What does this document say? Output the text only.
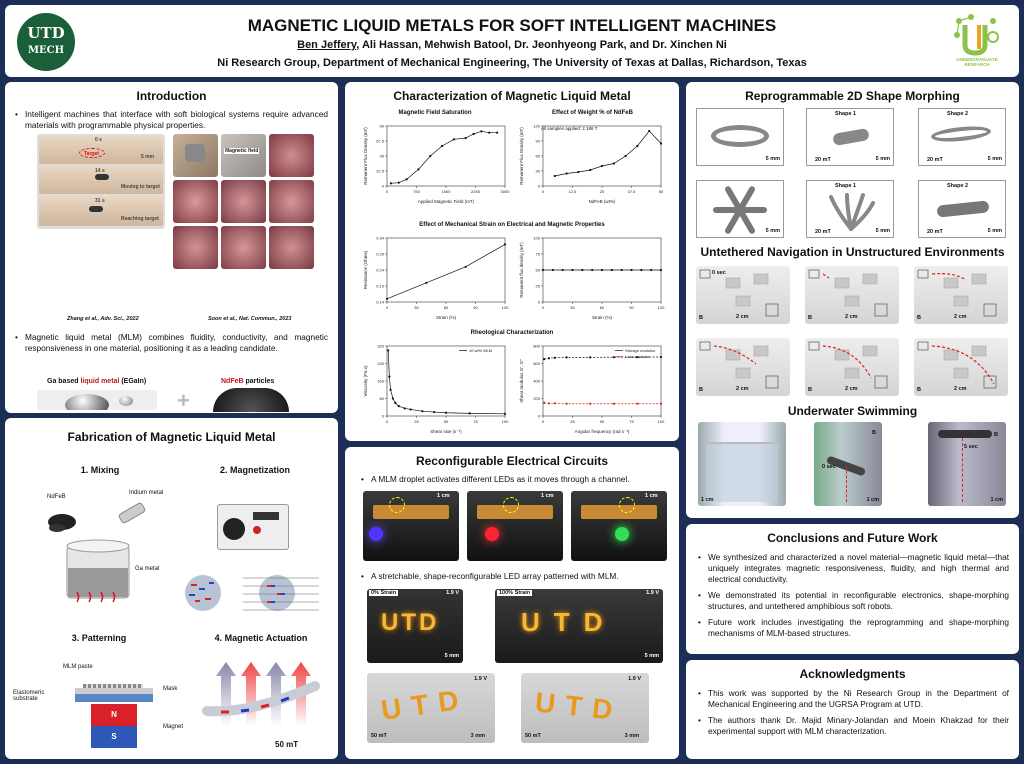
UTD
MECH
MAGNETIC LIQUID METALS FOR SOFT INTELLIGENT MACHINES
Ben Jeffery, Ali Hassan, Mehwish Batool, Dr. Jeonhyeong Park, and Dr. Xinchen Ni
Ni Research Group, Department of Mechanical Engineering, The University of Texas at Dallas, Richardson, Texas	UNDERGRADUATE RESEARCH
Introduction
• Intelligent machines that interface with soft biological systems require advanced materials with programmable physical properties.
0 s
Target
14 s
Moving to target
31 s
Reaching target
5 mm
Zhang et al., Adv. Sci., 2022
Magnetic field
Soon et al., Nat. Commun., 2023
• Magnetic liquid metal (MLM) combines fluidity, conductivity, and magnetic responsiveness in one material, positioning it as a leading candidate.
Ga based liquid metal (EGaIn)	NdFeB particles
+
Fabrication of Magnetic Liquid Metal
1. Mixing	2. Magnetization
NdFeB
Indium metal
Ga metal
3. Patterning	4. Magnetic Actuation
N
S
MLM paste
Mask
Elastomeric substrate
Magnet
50 mT
Characterization of Magnetic Liquid Metal
Magnetic Field Saturation	Effect of Weight % of NdFeB
0
0
750
22.5
1500
45
2250
67.5
3000
90
Applied Magnetic Field (mT)
Remanent Flux Density (mT)
0
0
12.5
30
25
60
37.5
90
50
120
NdFeB (wt%)
Remanent Flux Density (mT)	All samples applied: 2.186 T
Effect of Mechanical Strain on Electrical and Magnetic Properties
0
0.14
30
0.19
60
0.24
90
0.29
120
0.34
Strain (%)
Resistance (Ohms)
0
0
30
25
60
50
90
75
120
100
Strain (%)
Remanent flux density (mT)
Rheological Characterization
0
0
25
80
50
160
75
240
100
320
Shear rate (s⁻¹)
Viscosity (Pa.s)
10 wt% MLM
0
0
25
200
50
400
75
600
100
800
Angular frequency (rad s⁻¹)
Shear modulus G', G''
Storage modulus
Loss modulus
Reconfigurable Electrical Circuits
• A MLM droplet activates different LEDs as it moves through a channel.
1 cm	1 cm	1 cm
• A stretchable, shape-reconfigurable LED array patterned with MLM.
0% Strain	1.9 V
UTD
5 mm
100% Strain	1.9 V
UTD
5 mm
UTD
1.9 V
50 mT	3 mm
UTD
1.9 V
50 mT	3 mm
Reprogrammable 2D Shape Morphing
5 mm
Shape 1
20 mT	5 mm
Shape 2
20 mT	5 mm
5 mm
Shape 1
20 mT	5 mm
Shape 2
20 mT	5 mm
Untethered Navigation in Unstructured Environments
0 sec
2 cm
B	2 cm
B	2 cm
B
2 cm
B	2 cm
B	2 cm
B
Underwater Swimming
1 cm
0 sec
B
1 cm
5 sec
B
1 cm
Conclusions and Future Work
• We synthesized and characterized a novel material—magnetic liquid metal—that uniquely integrates magnetic responsiveness, fluidity, and high thermal and electrical conductivity.
• We demonstrated its potential in reconfigurable electronics, shape-morphing structures, and untethered amphibious soft robots.
• Future work includes investigating the reprogramming and shape-morphing mechanisms of MLM-based structures.
Acknowledgments
• This work was supported by the Ni Research Group in the Department of Mechanical Engineering and the UGRSA Program at UTD.
• The authors thank Dr. Majid Minary-Jolandan and Moein Khakzad for their experimental support with MLM characterization.
